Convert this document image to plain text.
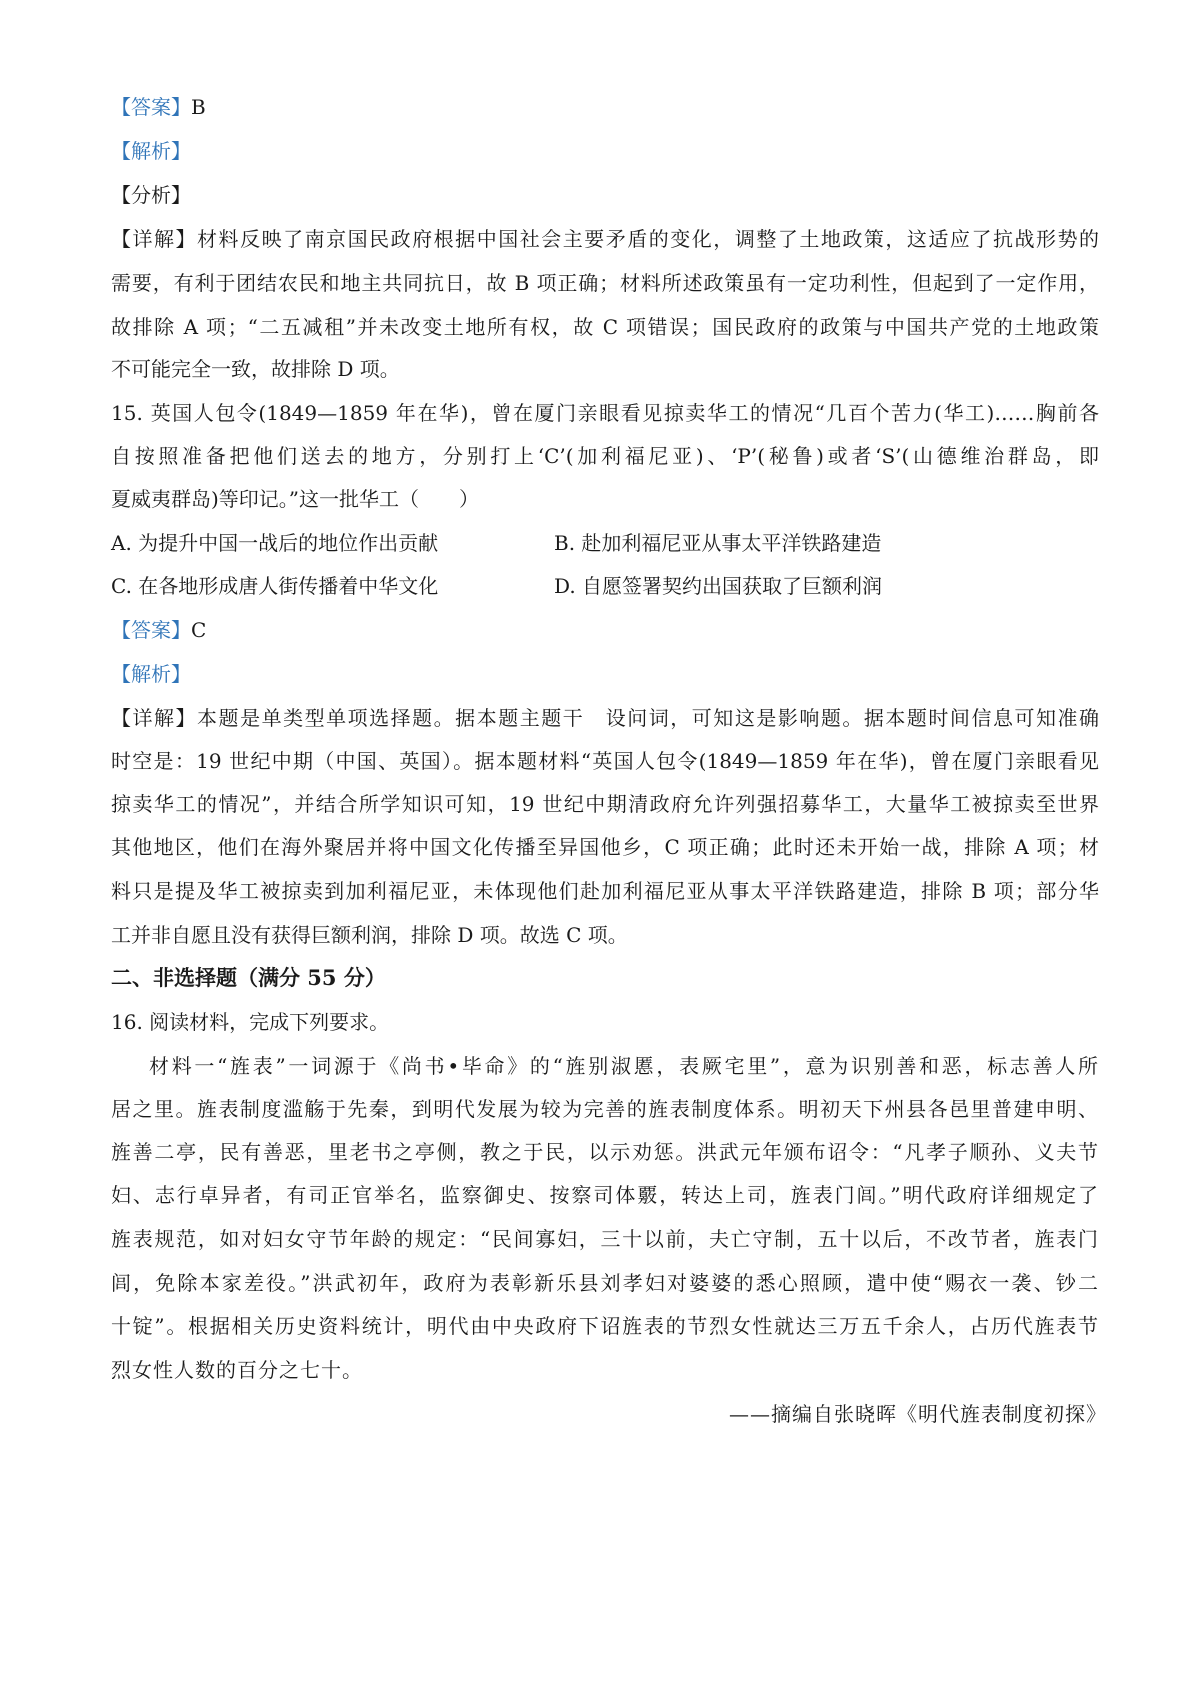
【答案】B
【解析】
【分析】
【详解】材料反映了南京国民政府根据中国社会主要矛盾的变化，调整了土地政策，这适应了抗战形势的
需要，有利于团结农民和地主共同抗日，故 B 项正确；材料所述政策虽有一定功利性，但起到了一定作用，
故排除 A 项；“二五减租”并未改变土地所有权，故 C 项错误；国民政府的政策与中国共产党的土地政策
不可能完全一致，故排除 D 项。
15. 英国人包令(1849—1859 年在华)，曾在厦门亲眼看见掠卖华工的情况“几百个苦力(华工)……胸前各
自按照准备把他们送去的地方，分别打上‘C’(加利福尼亚)、‘P’(秘鲁)或者‘S’(山德维治群岛，即
夏威夷群岛)等印记。”这一批华工（　　）
A. 为提升中国一战后的地位作出贡献	B. 赴加利福尼亚从事太平洋铁路建造
C. 在各地形成唐人街传播着中华文化	D. 自愿签署契约出国获取了巨额利润
【答案】C
【解析】
【详解】本题是单类型单项选择题。据本题主题干　设问词，可知这是影响题。据本题时间信息可知准确
时空是：19 世纪中期（中国、英国）。据本题材料“英国人包令(1849—1859 年在华)，曾在厦门亲眼看见
掠卖华工的情况”，并结合所学知识可知，19 世纪中期清政府允许列强招募华工，大量华工被掠卖至世界
其他地区，他们在海外聚居并将中国文化传播至异国他乡，C 项正确；此时还未开始一战，排除 A 项；材
料只是提及华工被掠卖到加利福尼亚，未体现他们赴加利福尼亚从事太平洋铁路建造，排除 B 项；部分华
工并非自愿且没有获得巨额利润，排除 D 项。故选 C 项。
二、非选择题（满分 55 分）
16. 阅读材料，完成下列要求。
材料一“旌表”一词源于《尚书•毕命》的“旌别淑慝，表厥宅里”，意为识别善和恶，标志善人所
居之里。旌表制度滥觞于先秦，到明代发展为较为完善的旌表制度体系。明初天下州县各邑里普建申明、
旌善二亭，民有善恶，里老书之亭侧，教之于民，以示劝惩。洪武元年颁布诏令：“凡孝子顺孙、义夫节
妇、志行卓异者，有司正官举名，监察御史、按察司体覈，转达上司，旌表门闾。”明代政府详细规定了
旌表规范，如对妇女守节年龄的规定：“民间寡妇，三十以前，夫亡守制，五十以后，不改节者，旌表门
闾，免除本家差役。”洪武初年，政府为表彰新乐县刘孝妇对婆婆的悉心照顾，遣中使“赐衣一袭、钞二
十锭”。根据相关历史资料统计，明代由中央政府下诏旌表的节烈女性就达三万五千余人，占历代旌表节
烈女性人数的百分之七十。
——摘编自张晓晖《明代旌表制度初探》
